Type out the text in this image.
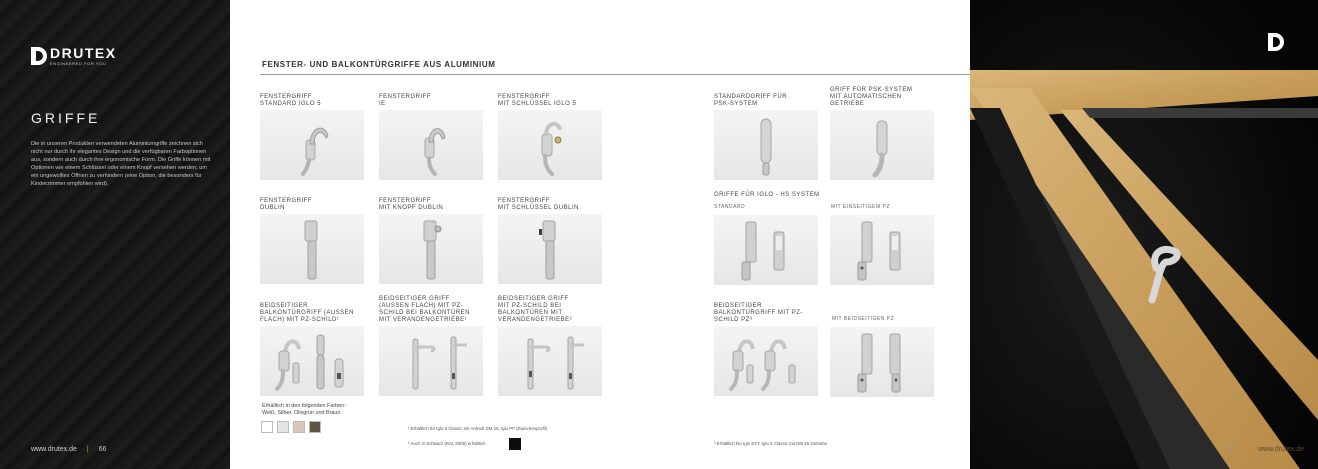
DRUTEX
ENGINEERED FOR YOU
GRIFFE

Die in unseren Produkten verwendeten Aluminiumgriffe zeichnen sich nicht nur durch ihr elegantes Design und die verfügbaren Farboptionen aus, sondern auch durch ihre ergonomische Form. Die Griffe können mit Optionen wie einem Schlüssel oder einem Knopf versehen werden, um ein ungewolltes Öffnen zu verhindern (eine Option, die besonders für Kinderzimmer empfohlen wird).

www.drutex.de | 66
FENSTER- UND BALKONTÜRGRIFFE AUS ALUMINIUM
FENSTERGRIFF
STANDARD IGLO 5
FENSTERGRIFF
IE
FENSTERGRIFF
MIT SCHLÜSSEL IGLO 5
STANDARDGRIFF FÜR
PSK-SYSTEM
GRIFF FÜR PSK-SYSTEM
MIT AUTOMATISCHEN
GETRIEBE
FENSTERGRIFF
DUBLIN
FENSTERGRIFF
MIT KNOPF DUBLIN
FENSTERGRIFF
MIT SCHLÜSSEL DUBLIN
GRIFFE FÜR IGLO - HS SYSTEM
STANDARD	MIT EINSEITIGEM PZ
BEIDSEITIGER
BALKONTÜRGRIFF (AUSSEN
FLACH) MIT PZ-SCHILD¹
BEIDSEITIGER GRIFF
(AUSSEN FLACH) MIT PZ-
SCHILD BEI BALKONTÜREN
MIT VERANDENGETRIEBE¹
BEIDSEITIGER GRIFF
MIT PZ-SCHILD BEI
BALKONTÜREN MIT
VERANDENGETRIEBE²
BEIDSEITIGER
BALKONTÜRGRIFF MIT PZ-
SCHILD PZ³	MIT BEIDSEITIGEN PZ
Erhältlich in den folgenden Farben:
Weiß, Silber, Olivgrün und Braun.
¹ Erhältlich für Iglo 5 Classic mit Antrieb DM 25, Iglo PF (Zwischenprofil)
² Auch in Schwarz (RAL 9005) erhältlich	³ Erhältlich bei Iglo EXT, Iglo 5 Classic mit DM 25 Getriebe
67	www.drutex.de
